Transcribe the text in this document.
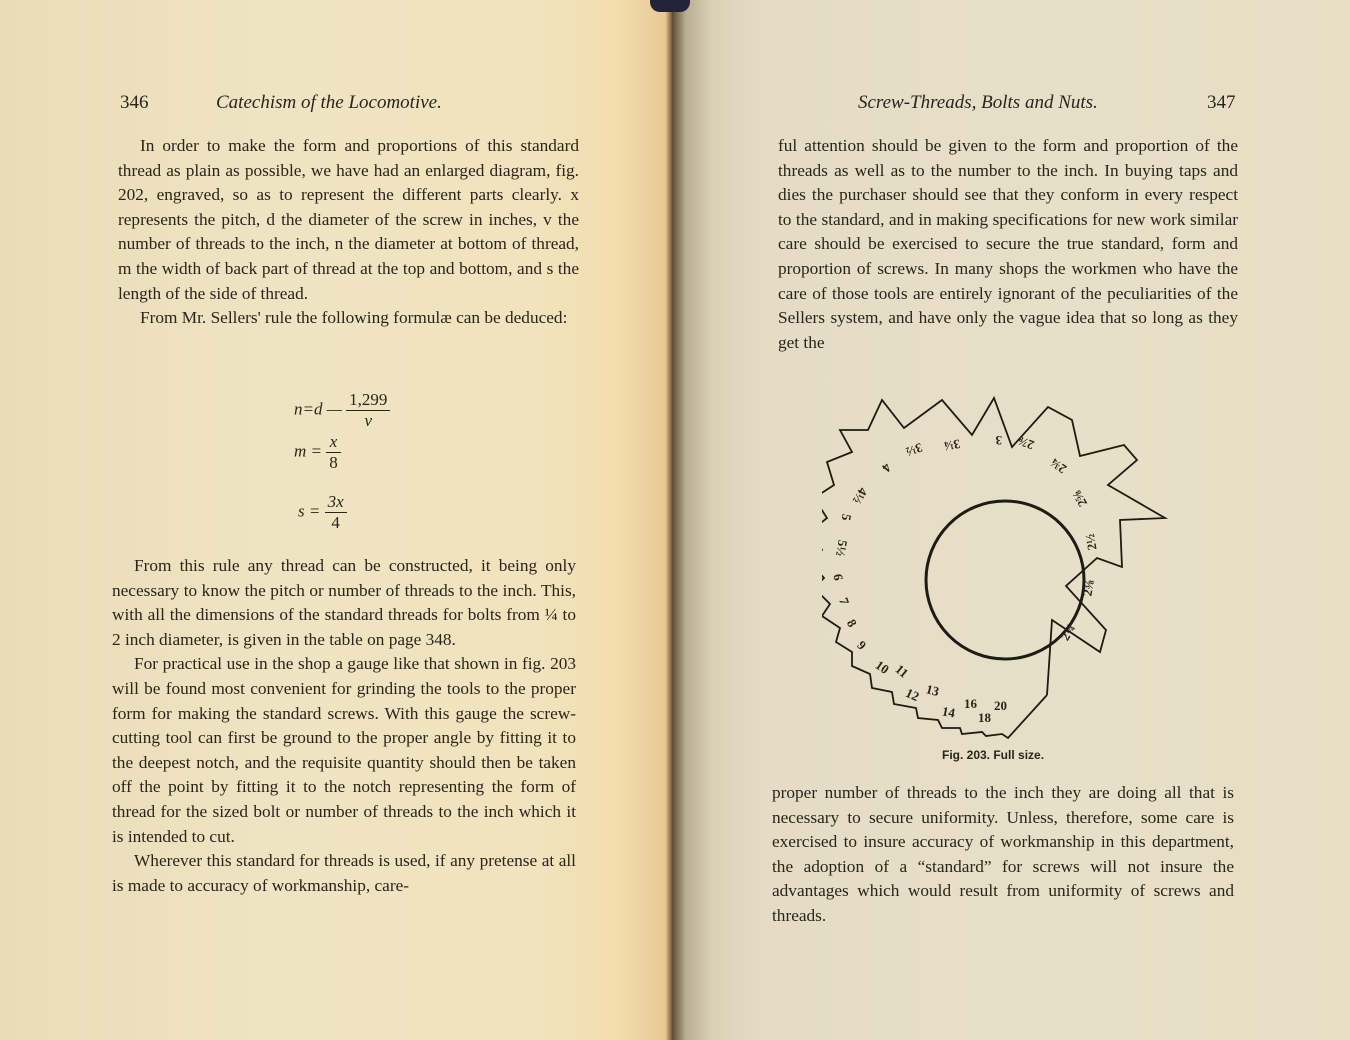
346	Catechism of the Locomotive.

In order to make the form and proportions of this standard thread as plain as possible, we have had an enlarged diagram, fig. 202, engraved, so as to represent the different parts clearly. x represents the pitch, d the diameter of the screw in inches, v the number of threads to the inch, n the diameter at bottom of thread, m the width of back part of thread at the top and bottom, and s the length of the side of thread.

From Mr. Sellers' rule the following formulæ can be deduced:

n=d — $\frac{1,299}{v}$
$m = \frac{x}{8}$
$s = \frac{3x}{4}$

From this rule any thread can be constructed, it being only necessary to know the pitch or number of threads to the inch. This, with all the dimensions of the standard threads for bolts from ¼ to 2 inch diameter, is given in the table on page 348.

For practical use in the shop a gauge like that shown in fig. 203 will be found most convenient for grinding the tools to the proper form for making the standard screws. With this gauge the screw-cutting tool can first be ground to the proper angle by fitting it to the deepest notch, and the requisite quantity should then be taken off the point by fitting it to the notch representing the form of thread for the sized bolt or number of threads to the inch which it is intended to cut.

Wherever this standard for threads is used, if any pretense at all is made to accuracy of workmanship, care-

Screw-Threads, Bolts and Nuts.	347

ful attention should be given to the form and proportion of the threads as well as to the number to the inch. In buying taps and dies the purchaser should see that they conform in every respect to the standard, and in making specifications for new work similar care should be exercised to secure the true standard, form and proportion of screws. In many shops the workmen who have the care of those tools are entirely ignorant of the peculiarities of the Sellers system, and have only the vague idea that so long as they get the

3
3¼
3½
4
4½
5
5½
6
7
8
9
10 11
12 13
14 16
18
20
2⅞
2¾
2⅝
2½
2⅜
2¼
Fig. 203. Full size.

proper number of threads to the inch they are doing all that is necessary to secure uniformity. Unless, therefore, some care is exercised to insure accuracy of workmanship in this department, the adoption of a “standard” for screws will not insure the advantages which would result from uniformity of screws and threads.
